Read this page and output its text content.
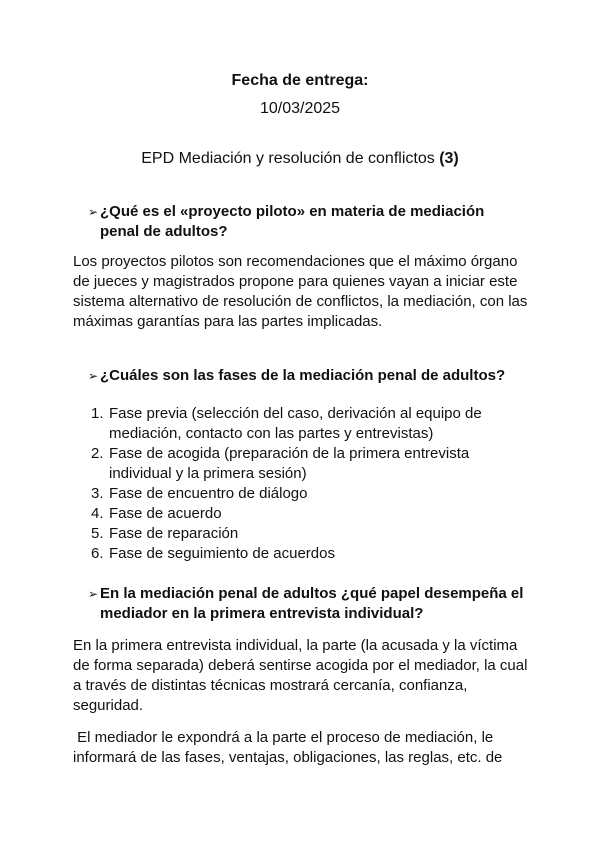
Fecha de entrega:
10/03/2025
EPD Mediación y resolución de conflictos (3)
➢ ¿Qué es el «proyecto piloto» en materia de mediación
penal de adultos?
Los proyectos pilotos son recomendaciones que el máximo órgano de jueces y magistrados propone para quienes vayan a iniciar este sistema alternativo de resolución de conflictos, la mediación, con las máximas garantías para las partes implicadas.
➢ ¿Cuáles son las fases de la mediación penal de adultos?
1. Fase previa (selección del caso, derivación al equipo de mediación, contacto con las partes y entrevistas)
2. Fase de acogida (preparación de la primera entrevista individual y la primera sesión)
3. Fase de encuentro de diálogo
4. Fase de acuerdo
5. Fase de reparación
6. Fase de seguimiento de acuerdos
➢ En la mediación penal de adultos ¿qué papel desempeña el
mediador en la primera entrevista individual?
En la primera entrevista individual, la parte (la acusada y la víctima de forma separada) deberá sentirse acogida por el mediador, la cual a través de distintas técnicas mostrará cercanía, confianza, seguridad.
El mediador le expondrá a la parte el proceso de mediación, le informará de las fases, ventajas, obligaciones, las reglas, etc. de
